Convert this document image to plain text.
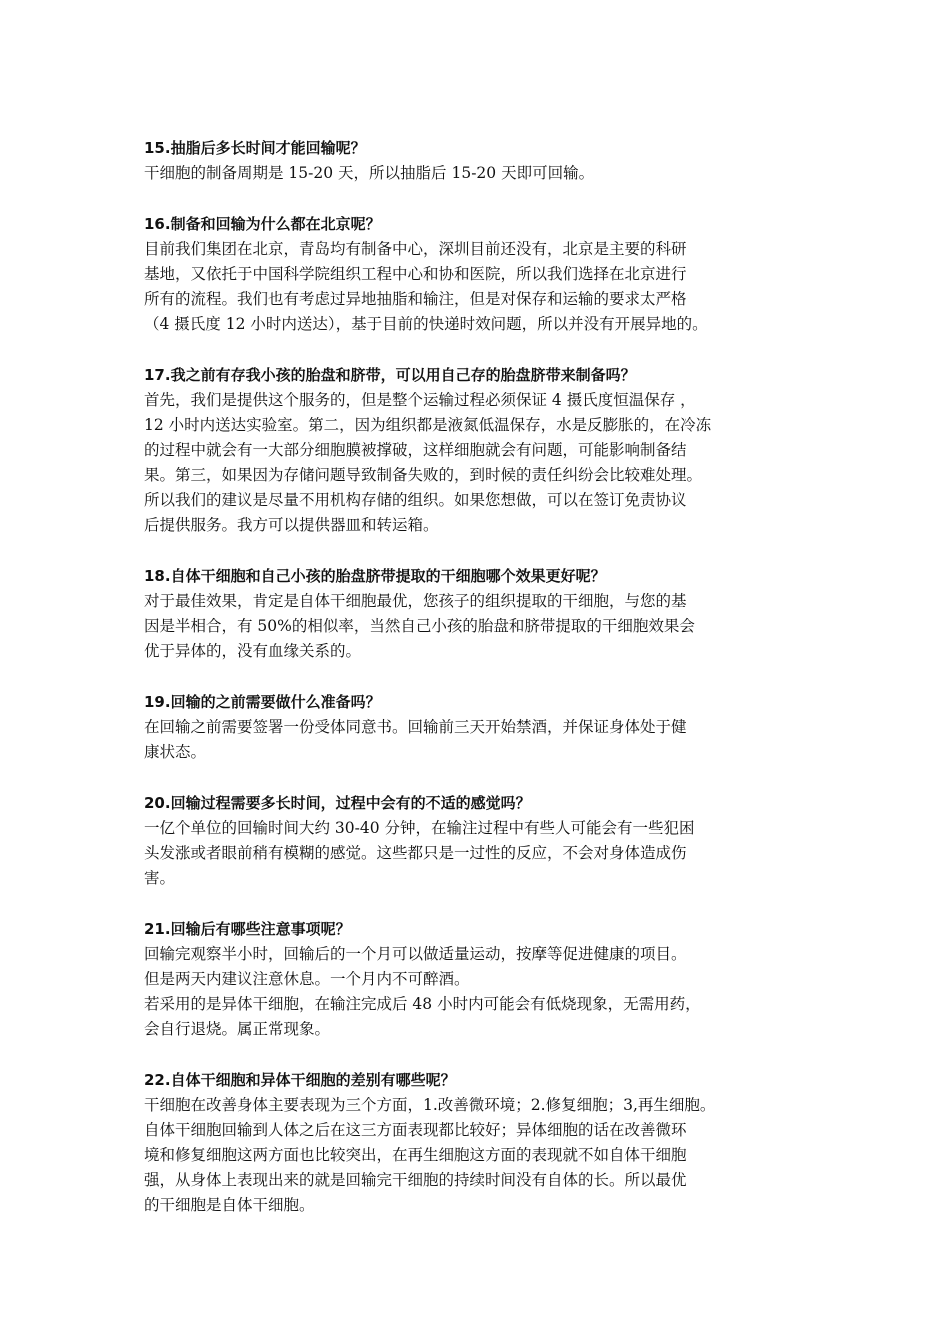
15.抽脂后多长时间才能回输呢？

干细胞的制备周期是 15-20 天，所以抽脂后 15-20 天即可回输。

16.制备和回输为什么都在北京呢？

目前我们集团在北京，青岛均有制备中心，深圳目前还没有，北京是主要的科研
基地，又依托于中国科学院组织工程中心和协和医院，所以我们选择在北京进行
所有的流程。我们也有考虑过异地抽脂和输注，但是对保存和运输的要求太严格
（4 摄氏度 12 小时内送达），基于目前的快递时效问题，所以并没有开展异地的。

17.我之前有存我小孩的胎盘和脐带，可以用自己存的胎盘脐带来制备吗？

首先，我们是提供这个服务的，但是整个运输过程必须保证 4 摄氏度恒温保存 ，
12 小时内送达实验室。第二，因为组织都是液氮低温保存，水是反膨胀的，在冷冻
的过程中就会有一大部分细胞膜被撑破，这样细胞就会有问题，可能影响制备结
果。第三，如果因为存储问题导致制备失败的，到时候的责任纠纷会比较难处理。
所以我们的建议是尽量不用机构存储的组织。如果您想做，可以在签订免责协议
后提供服务。我方可以提供器皿和转运箱。

18.自体干细胞和自己小孩的胎盘脐带提取的干细胞哪个效果更好呢？

对于最佳效果，肯定是自体干细胞最优，您孩子的组织提取的干细胞，与您的基
因是半相合，有 50%的相似率，当然自己小孩的胎盘和脐带提取的干细胞效果会
优于异体的，没有血缘关系的。

19.回输的之前需要做什么准备吗？

在回输之前需要签署一份受体同意书。回输前三天开始禁酒，并保证身体处于健
康状态。

20.回输过程需要多长时间，过程中会有的不适的感觉吗？

一亿个单位的回输时间大约 30-40 分钟，在输注过程中有些人可能会有一些犯困
头发涨或者眼前稍有模糊的感觉。这些都只是一过性的反应，不会对身体造成伤
害。

21.回输后有哪些注意事项呢？

回输完观察半小时，回输后的一个月可以做适量运动，按摩等促进健康的项目。
但是两天内建议注意休息。一个月内不可醉酒。
若采用的是异体干细胞，在输注完成后 48 小时内可能会有低烧现象，无需用药，
会自行退烧。属正常现象。

22.自体干细胞和异体干细胞的差别有哪些呢？

干细胞在改善身体主要表现为三个方面，1.改善微环境；2.修复细胞；3,再生细胞。
自体干细胞回输到人体之后在这三方面表现都比较好；异体细胞的话在改善微环
境和修复细胞这两方面也比较突出，在再生细胞这方面的表现就不如自体干细胞
强，从身体上表现出来的就是回输完干细胞的持续时间没有自体的长。所以最优
的干细胞是自体干细胞。
